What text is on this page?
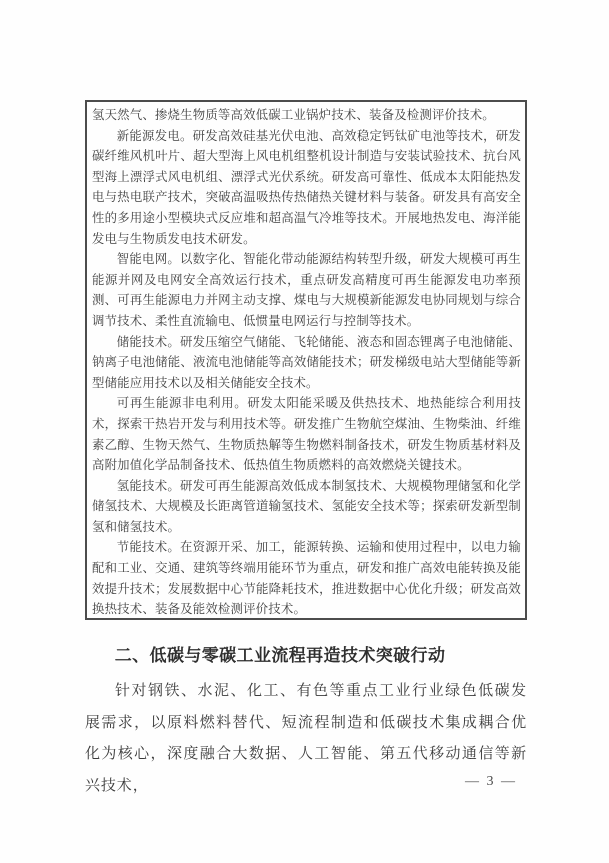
氢天然气、掺烧生物质等高效低碳工业锅炉技术、装备及检测评价技术。

新能源发电。研发高效硅基光伏电池、高效稳定钙钛矿电池等技术，研发碳纤维风机叶片、超大型海上风电机组整机设计制造与安装试验技术、抗台风型海上漂浮式风电机组、漂浮式光伏系统。研发高可靠性、低成本太阳能热发电与热电联产技术，突破高温吸热传热储热关键材料与装备。研发具有高安全性的多用途小型模块式反应堆和超高温气冷堆等技术。开展地热发电、海洋能发电与生物质发电技术研发。

智能电网。以数字化、智能化带动能源结构转型升级，研发大规模可再生能源并网及电网安全高效运行技术，重点研发高精度可再生能源发电功率预测、可再生能源电力并网主动支撑、煤电与大规模新能源发电协同规划与综合调节技术、柔性直流输电、低惯量电网运行与控制等技术。

储能技术。研发压缩空气储能、飞轮储能、液态和固态锂离子电池储能、钠离子电池储能、液流电池储能等高效储能技术；研发梯级电站大型储能等新型储能应用技术以及相关储能安全技术。

可再生能源非电利用。研发太阳能采暖及供热技术、地热能综合利用技术，探索干热岩开发与利用技术等。研发推广生物航空煤油、生物柴油、纤维素乙醇、生物天然气、生物质热解等生物燃料制备技术，研发生物质基材料及高附加值化学品制备技术、低热值生物质燃料的高效燃烧关键技术。

氢能技术。研发可再生能源高效低成本制氢技术、大规模物理储氢和化学储氢技术、大规模及长距离管道输氢技术、氢能安全技术等；探索研发新型制氢和储氢技术。

节能技术。在资源开采、加工，能源转换、运输和使用过程中，以电力输配和工业、交通、建筑等终端用能环节为重点，研发和推广高效电能转换及能效提升技术；发展数据中心节能降耗技术，推进数据中心优化升级；研发高效换热技术、装备及能效检测评价技术。

二、低碳与零碳工业流程再造技术突破行动

针对钢铁、水泥、化工、有色等重点工业行业绿色低碳发展需求，以原料燃料替代、短流程制造和低碳技术集成耦合优化为核心，深度融合大数据、人工智能、第五代移动通信等新兴技术，	— 3 —
